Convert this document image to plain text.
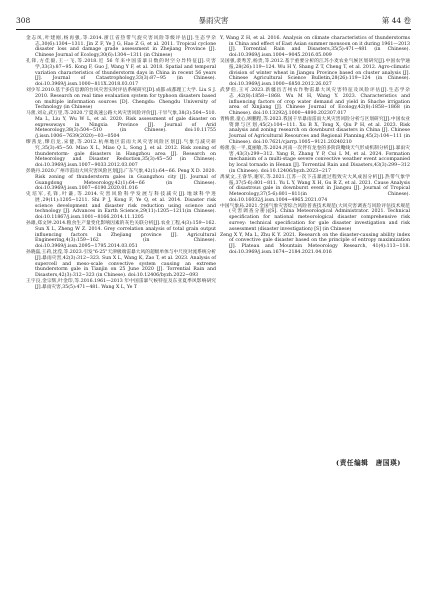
308	暴雨灾害	第 44 卷

金志凤,叶建刚,杨再强,等.2014.浙江省热带气旋灾害风险等级评估[J].生态学杂志,30(6):1304−1311. Jin Z F, Ye J G, Hao Z G, et al. 2011. Tropical cyclone disaster loss and damage grade assessment in Zhejiang Province [J]. Chinese Journal of Ecology,30(6):1304−1311 (in Chinese)

孔锋,方佳毅,王一飞,等.2018.近 56 年来中国雷暴日数的时空分异特征[J].灾害学,33(3):87−95. Kong F, Guo J, Wang Y F, et al. 2018. Spatial and temporal variation characteristics of thunderstorm days in China in recent 56 years [J]. Journal of Catastrophology,33(3):87−95 (in Chinese). doi:10.3969/j.issn.1000−811X.2018.03.017

刘少军.2010.基于多信息源的台风灾害实时评估系统研究[D].成都:成都理工大学. Liu S J. 2010. Research on real time evaluation system for typhoon disasters based on multiple information sources [D]. Chengdu: Chengdu University of Technology (in Chinese)

马蕾,刘众,武万里,等.2020.宁夏高速公路大风灾害风险评价[J].干旱气象,38(3):504−510. Ma L, Liu Y, Wu W L, et al. 2020. Risk assessment of gale disaster on expressways in Ningxia Province [J]. Journal of Arid Meteorology,38(3):504−510 (in Chinese). doi:10.11755 /j.issn.1006−7639(2020)−03−0504

缪茜龙,缪启龙,宋健,等.2012.杭州地区雷雨大风灾害风险区划[J].气象与减灾研究,35(3):45−50. Miao X L, Miao Q L, Song J, et al. 2012. Risk zoning of thunderstorm- gale disasters in Hangzhou area [J]. Research on Meteorology and Disaster Reduction,35(3):45−50 (in Chinese). doi:10.3969/j.issn.1007−9033.2012.03.007

彭晓丹.2020.广州市雷雨大风灾害风险区划[J].广东气象,42(1):64−66. Peng X D. 2020. Risk zoning of thunderstorm gales in Guangzhou city [J]. Journal of Guangdong Meteorology,42(1):64−66 (in Chinese). doi:10.3969/j.issn.1007−6190.2020.01.016

史培军,孔锋,叶谦,等.2014.灾害风险科学发展与科技减灾[J].地球科学进展,29(11):1205−1211. Shi P J, Kong F, Ye Q, et al. 2014. Disaster risk science development and disaster risk reduction using science and technology [J]. Advances in Earth Science,29(11):1205−1211(in Chinese). doi:10.11867/j.issn.1001−8166.2014.11.1205

孙雄,郑文钟.2014.粮食生产量变化影响因素的灰色关联分析[J].农业工程,4(3):159−162. Sun X L, Zheng W Z. 2014. Grey correlation analysis of total grain output influencing factors in Zhejiang province [J]. Agricultural Engineering,4(3):159−162 (in Chinese). doi:10.3969/j.issn.2095−1795.2014.03.051

孙晓磊,王莉,沈滢,等.2023.引发"6·25"天津极端雷暴大风的超级单体与中尺度对流系统分析[J].暴雨灾害,42(3):312−323. Sun X L, Wang K, Zao T, et al. 2023. Analysis of supercell and meso-scale convective system causing an extreme thunderstorm gale in Tianjin on 25 June 2020 [J]. Torrential Rain and Disasters,42(3):312−323 (in Chinese). doi:10.12406/byzh.2022−093

王宇良,金宗辉,叶金印,等.2016.1961—2013 年中国雷暴气候特征及东亚夏季风影响研究[J].暴雨灾害,35(5):471−481. Wang X L, Ye T

Y, Wang Z H, et al. 2016. Analysis on climate characteristics of thunderstorms in China and effect of East Asian summer monsoon on it during 1961—2013 [J]. Torrential Rain and Disasters,35(5):471−481 (in Chinese). doi:10.3969/j.issn.1004−9045.2016.05.009

吴国强,裴秀芳,杨贵,等.2012.基于重要分析的江苏小麦农业气候区划研究[J].中国农学通报,28(26):119−124. Wu H Y, Shang Z T, Cheng T, et al. 2012. Agro-climatic division of winter wheat in Jiangsu Province based on cluster analysis [J]. Chinese Agricultural Science Bulletin,28(26):119−124 (in Chinese). doi:10.3969/j.issn.1000−6850.2012.26.027

武梦伯,王可.2023.新疆昌吉州农作物雷暴大风灾害特征及风险评估[J].生态学杂志,42(8):1858−1868. Wu M H, Wang Y. 2023. Characteristics and influencing factors of crop water demand and yield in Shache irrigation area of Xinjiang [J]. Chinese Journal of Ecology,42(8):1858−1868 (in Chinese). doi:10.13292/j.1000−4890.202307.017

胥梅蕾,童心,顾鹏程,等.2023.我国干旱暴雨雷雨大风灾害风险分析与区划研究[J].中国农业资源与区划,45(2):104−111. Xu B X, Tong X, Qiu P H, et al. 2023. Risk analysis and zoning research on downburst disasters in China [J]. Chinese Journal of Agricultural Resources and Regional Planning,45(2):104−111 (in Chinese). doi:10.7621/cjarrp.1005−9121.20240210

杨蕾,张一平,夏丽敏,等.2024.河南一次伴有龙卷的多阶段飑线天气形成机制分析[J].暴雨灾害,43(3):299−312. Yang R, Zhang Y P, Cui L M, et al. 2024. Formation mechanism of a multi-stage severe convective weather event accompanied by local tornado in Henan [J]. Torrential Rain and Disasters,43(3):299−312 (in Chinese). doi:10.12406/byzh.2023−217

禹斌文,王睿华,谢军,等.2021.江苏一次下击暴流过程致灾大风成因分析[J].热带气象学报,37(5-6):801−811. Yu L Y, Wang X H, Gu R Z, et al. 2021. Cause Analysis of disastrous gale in downburst event in Jiangsu [J]. Journal of Tropical Meteorology,37(5-6):801−811(in Chinese). doi:10.16032/j.issn.1004−4965.2021.074

中国气象局.2021.全国气象灾害综合风险普查技术规范(大风灾害调查与风险评估技术规范(灾害调查分册))[S]. China Meteorological Administrator. 2021. Technical specification for national meteorological disaster comprehensive risk survey: technical specification for gale disaster investigation and risk assessment (disaster investigation) [S] (in Chinese)

Zeng X Y, Ma L, Zhu K Y. 2021. Research on the disaster-causing ability index of convective gale disaster based on the principle of entropy maximization [J]. Plateau and Mountain Meteorology Research, 41(4):113−118. doi:10.3969/j.issn.1674−2184.2021.04.016

(责任编辑　唐国瑛)
